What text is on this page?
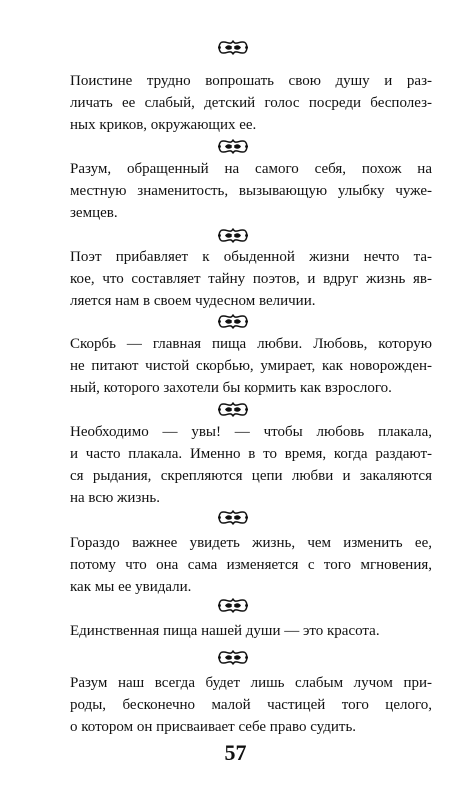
Поистине трудно вопрошать свою душу и раз-
личать ее слабый, детский голос посреди бесполез-
ных криков, окружающих ее.

Разум, обращенный на самого себя, похож на
местную знаменитость, вызывающую улыбку чуже-
земцев.

Поэт прибавляет к обыденной жизни нечто та-
кое, что составляет тайну поэтов, и вдруг жизнь яв-
ляется нам в своем чудесном величии.

Скорбь — главная пища любви. Любовь, которую
не питают чистой скорбью, умирает, как новорожден-
ный, которого захотели бы кормить как взрослого.

Необходимо — увы! — чтобы любовь плакала,
и часто плакала. Именно в то время, когда раздают-
ся рыдания, скрепляются цепи любви и закаляются
на всю жизнь.

Гораздо важнее увидеть жизнь, чем изменить ее,
потому что она сама изменяется с того мгновения,
как мы ее увидали.

Единственная пища нашей души — это красота.

Разум наш всегда будет лишь слабым лучом при-
роды, бесконечно малой частицей того целого,
о котором он присваивает себе право судить.

57
